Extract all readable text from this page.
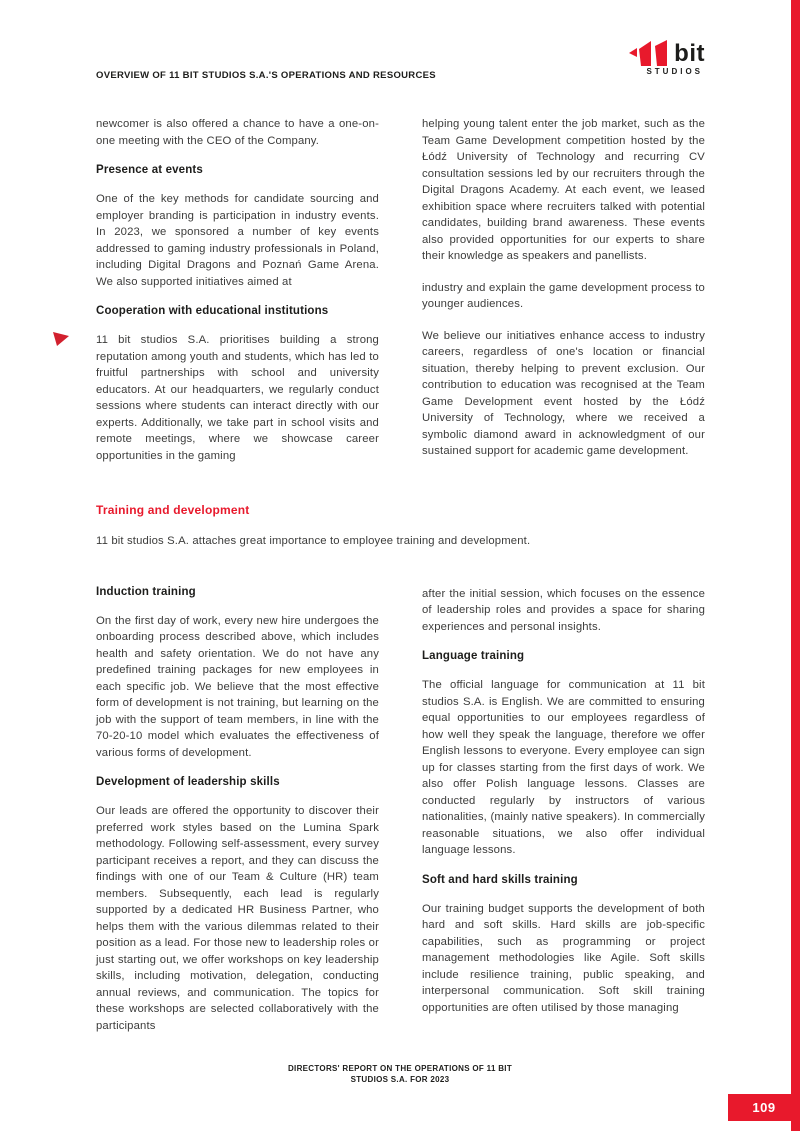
OVERVIEW OF 11 BIT STUDIOS S.A.'S OPERATIONS AND RESOURCES
bit
STUDIOS

newcomer is also offered a chance to have a one-on-one meeting with the CEO of the Company.

Presence at events

One of the key methods for candidate sourcing and employer branding is participation in industry events. In 2023, we sponsored a number of key events addressed to gaming industry professionals in Poland, including Digital Dragons and Poznań Game Arena. We also supported initiatives aimed at

Cooperation with educational institutions

11 bit studios S.A. prioritises building a strong reputation among youth and students, which has led to fruitful partnerships with school and university educators. At our headquarters, we regularly conduct sessions where students can interact directly with our experts. Additionally, we take part in school visits and remote meetings, where we showcase career opportunities in the gaming

helping young talent enter the job market, such as the Team Game Development competition hosted by the Łódź University of Technology and recurring CV consultation sessions led by our recruiters through the Digital Dragons Academy. At each event, we leased exhibition space where recruiters talked with potential candidates, building brand awareness. These events also provided opportunities for our experts to share their knowledge as speakers and panellists.

industry and explain the game development process to younger audiences.

We believe our initiatives enhance access to industry careers, regardless of one's location or financial situation, thereby helping to prevent exclusion. Our contribution to education was recognised at the Team Game Development event hosted by the Łódź University of Technology, where we received a symbolic diamond award in acknowledgment of our sustained support for academic game development.

Training and development

11 bit studios S.A. attaches great importance to employee training and development.

Induction training

On the first day of work, every new hire undergoes the onboarding process described above, which includes health and safety orientation. We do not have any predefined training packages for new employees in each specific job. We believe that the most effective form of development is not training, but learning on the job with the support of team members, in line with the 70-20-10 model which evaluates the effectiveness of various forms of development.

Development of leadership skills

Our leads are offered the opportunity to discover their preferred work styles based on the Lumina Spark methodology. Following self-assessment, every survey participant receives a report, and they can discuss the findings with one of our Team & Culture (HR) team members. Subsequently, each lead is regularly supported by a dedicated HR Business Partner, who helps them with the various dilemmas related to their position as a lead. For those new to leadership roles or just starting out, we offer workshops on key leadership skills, including motivation, delegation, conducting annual reviews, and communication. The topics for these workshops are selected collaboratively with the participants

after the initial session, which focuses on the essence of leadership roles and provides a space for sharing experiences and personal insights.

Language training

The official language for communication at 11 bit studios S.A. is English. We are committed to ensuring equal opportunities to our employees regardless of how well they speak the language, therefore we offer English lessons to everyone. Every employee can sign up for classes starting from the first days of work. We also offer Polish language lessons. Classes are conducted regularly by instructors of various nationalities, (mainly native speakers). In commercially reasonable situations, we also offer individual language lessons.

Soft and hard skills training

Our training budget supports the development of both hard and soft skills. Hard skills are job-specific capabilities, such as programming or project management methodologies like Agile. Soft skills include resilience training, public speaking, and interpersonal communication. Soft skill training opportunities are often utilised by those managing

DIRECTORS' REPORT ON THE OPERATIONS OF 11 BIT
STUDIOS S.A. FOR 2023
109
